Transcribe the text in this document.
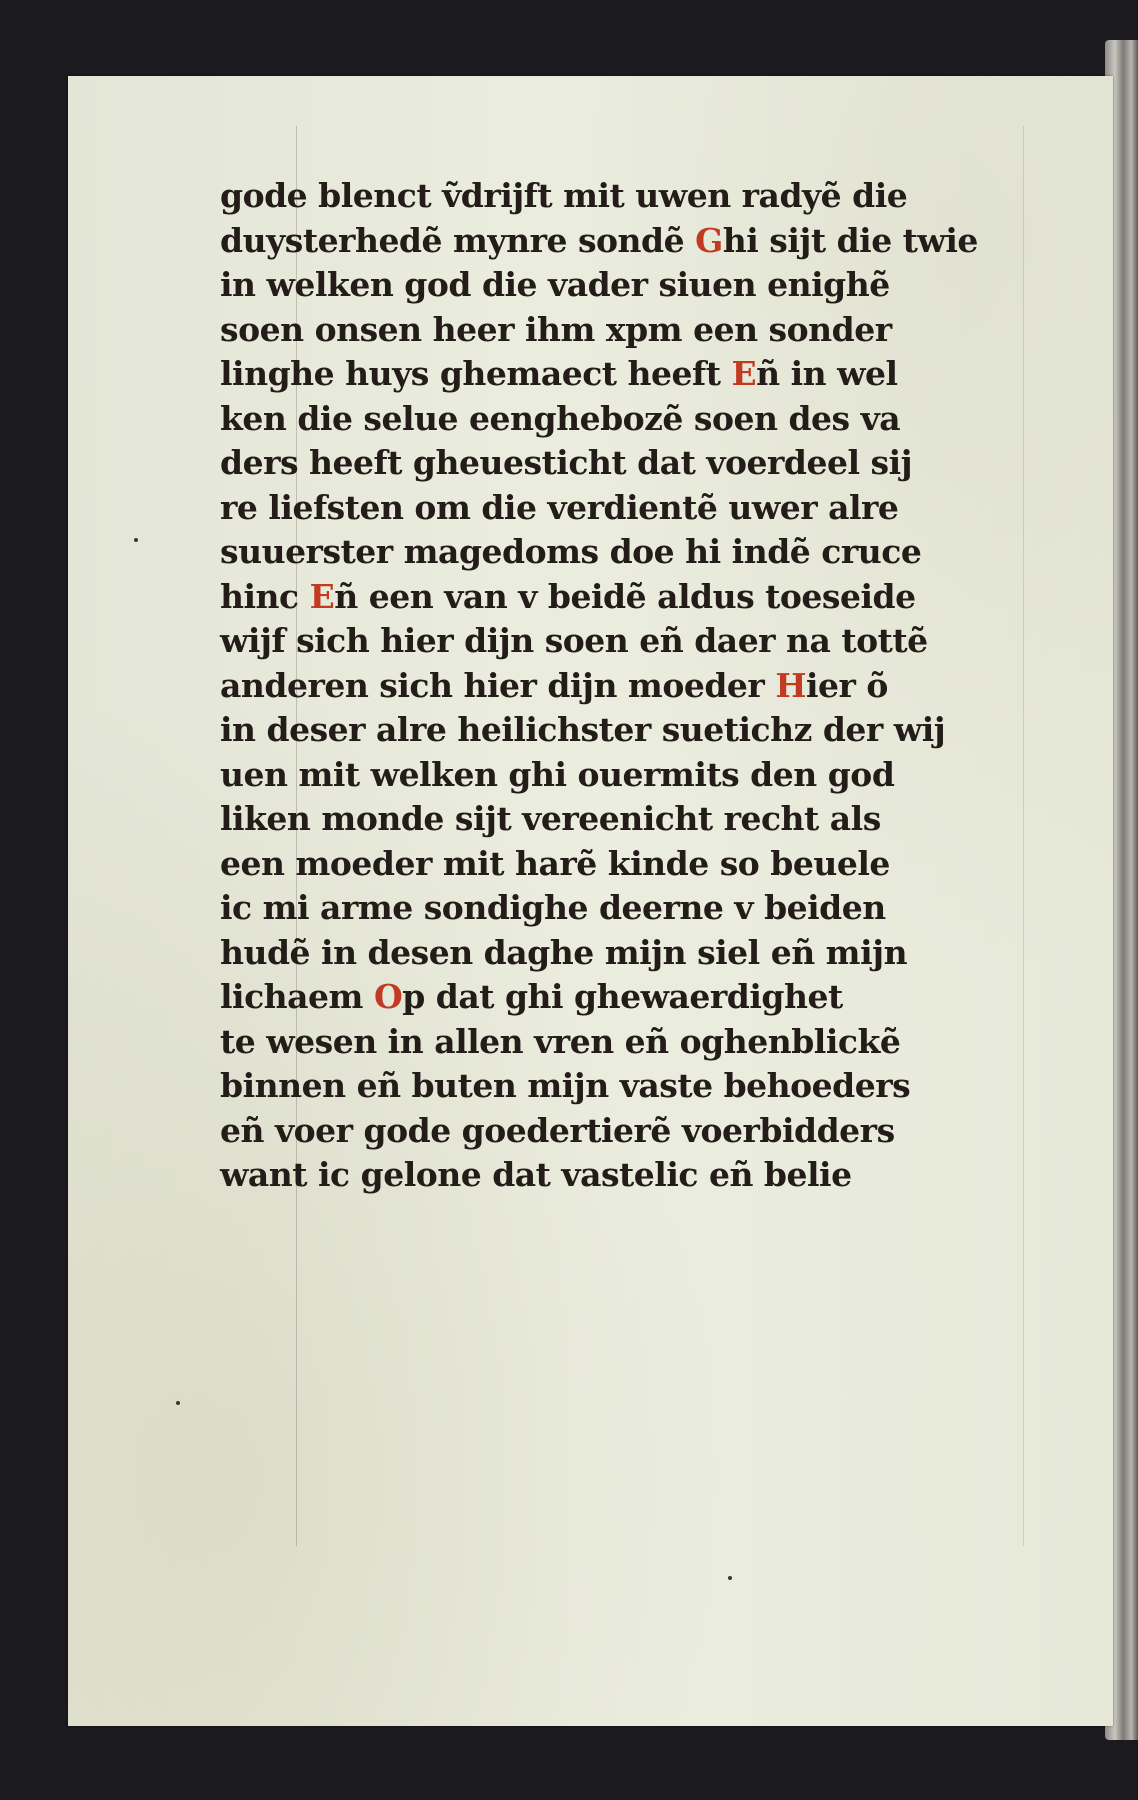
gode blenct ṽdrijft mit uwen radyẽ die
duysterhedẽ mynre sondẽ Ghi sijt die twie
in welken god die vader siuen enighẽ
soen onsen heer ihm xpm een sonder
linghe huys ghemaect heeft Eñ in wel
ken die selue eenghebozẽ soen des va
ders heeft gheuesticht dat voerdeel sij
re liefsten om die verdientẽ uwer alre
suuerster magedoms doe hi indẽ cruce
hinc Eñ een van v beidẽ aldus toeseide
wijf sich hier dijn soen eñ daer na tottẽ
anderen sich hier dijn moeder Hier õ
in deser alre heilichster suetichz der wij
uen mit welken ghi ouermits den god
liken monde sijt vereenicht recht als
een moeder mit harẽ kinde so beuele
ic mi arme sondighe deerne v beiden
hudẽ in desen daghe mijn siel eñ mijn
lichaem Op dat ghi ghewaerdighet
te wesen in allen vren eñ oghenblickẽ
binnen eñ buten mijn vaste behoeders
eñ voer gode goedertierẽ voerbidders
want ic gelone dat vastelic eñ belie
